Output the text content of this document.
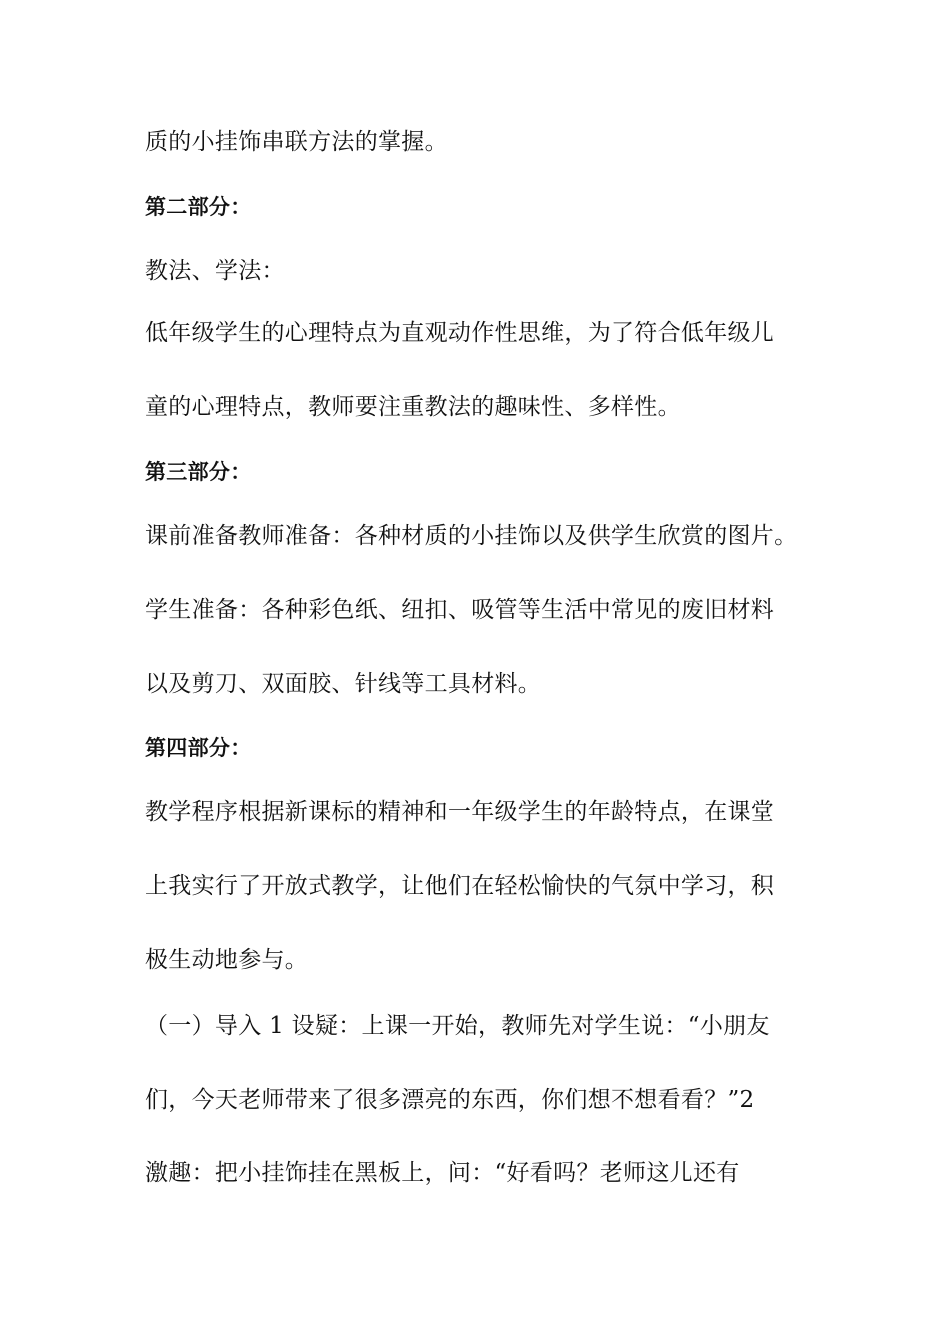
质的小挂饰串联方法的掌握。
第二部分：
教法、学法：
低年级学生的心理特点为直观动作性思维，为了符合低年级儿
童的心理特点，教师要注重教法的趣味性、多样性。
第三部分：
课前准备教师准备：各种材质的小挂饰以及供学生欣赏的图片。
学生准备：各种彩色纸、纽扣、吸管等生活中常见的废旧材料
以及剪刀、双面胶、针线等工具材料。
第四部分：
教学程序根据新课标的精神和一年级学生的年龄特点，在课堂
上我实行了开放式教学，让他们在轻松愉快的气氛中学习，积
极生动地参与。
（一）导入 1 设疑：上课一开始，教师先对学生说：“小朋友
们，今天老师带来了很多漂亮的东西，你们想不想看看？”2
激趣：把小挂饰挂在黑板上，问：“好看吗？老师这儿还有
